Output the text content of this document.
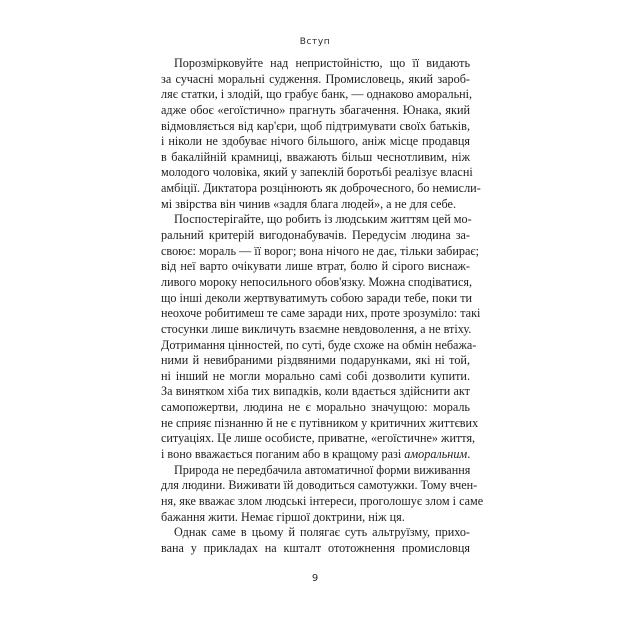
Вступ
Порозмірковуйте над непристойністю, що її видають
за сучасні моральні судження. Промисловець, який зароб-
ляє статки, і злодій, що грабує банк, — однаково аморальні,
адже обоє «егоїстично» прагнуть збагачення. Юнака, який
відмовляється від кар'єри, щоб підтримувати своїх батьків,
і ніколи не здобуває нічого більшого, аніж місце продавця
в бакалійній крамниці, вважають більш чеснотливим, ніж
молодого чоловіка, який у запеклій боротьбі реалізує власні
амбіції. Диктатора розцінюють як доброчесного, бо немисли-
мі звірства він чинив «задля блага людей», а не для себе.
Поспостерігайте, що робить із людським життям цей мо-
ральний критерій вигодонабувачів. Передусім людина за-
своює: мораль — її ворог; вона нічого не дає, тільки забирає;
від неї варто очікувати лише втрат, болю й сірого виснаж-
ливого мороку непосильного обов'язку. Можна сподіватися,
що інші деколи жертвуватимуть собою заради тебе, поки ти
неохоче робитимеш те саме заради них, проте зрозуміло: такі
стосунки лише викличуть взаємне невдоволення, а не втіху.
Дотримання цінностей, по суті, буде схоже на обмін небажа-
ними й невибраними різдвяними подарунками, які ні той,
ні інший не могли морально самі собі дозволити купити.
За винятком хіба тих випадків, коли вдається здійснити акт
самопожертви, людина не є морально значущою: мораль
не сприяє пізнанню й не є путівником у критичних життєвих
ситуаціях. Це лише особисте, приватне, «егоїстичне» життя,
і воно вважається поганим або в кращому разі аморальним.
Природа не передбачила автоматичної форми виживання
для людини. Виживати їй доводиться самотужки. Тому вчен-
ня, яке вважає злом людські інтереси, проголошує злом і саме
бажання жити. Немає гіршої доктрини, ніж ця.
Однак саме в цьому й полягає суть альтруїзму, прихо-
вана у прикладах на кшталт ототожнення промисловця
9
